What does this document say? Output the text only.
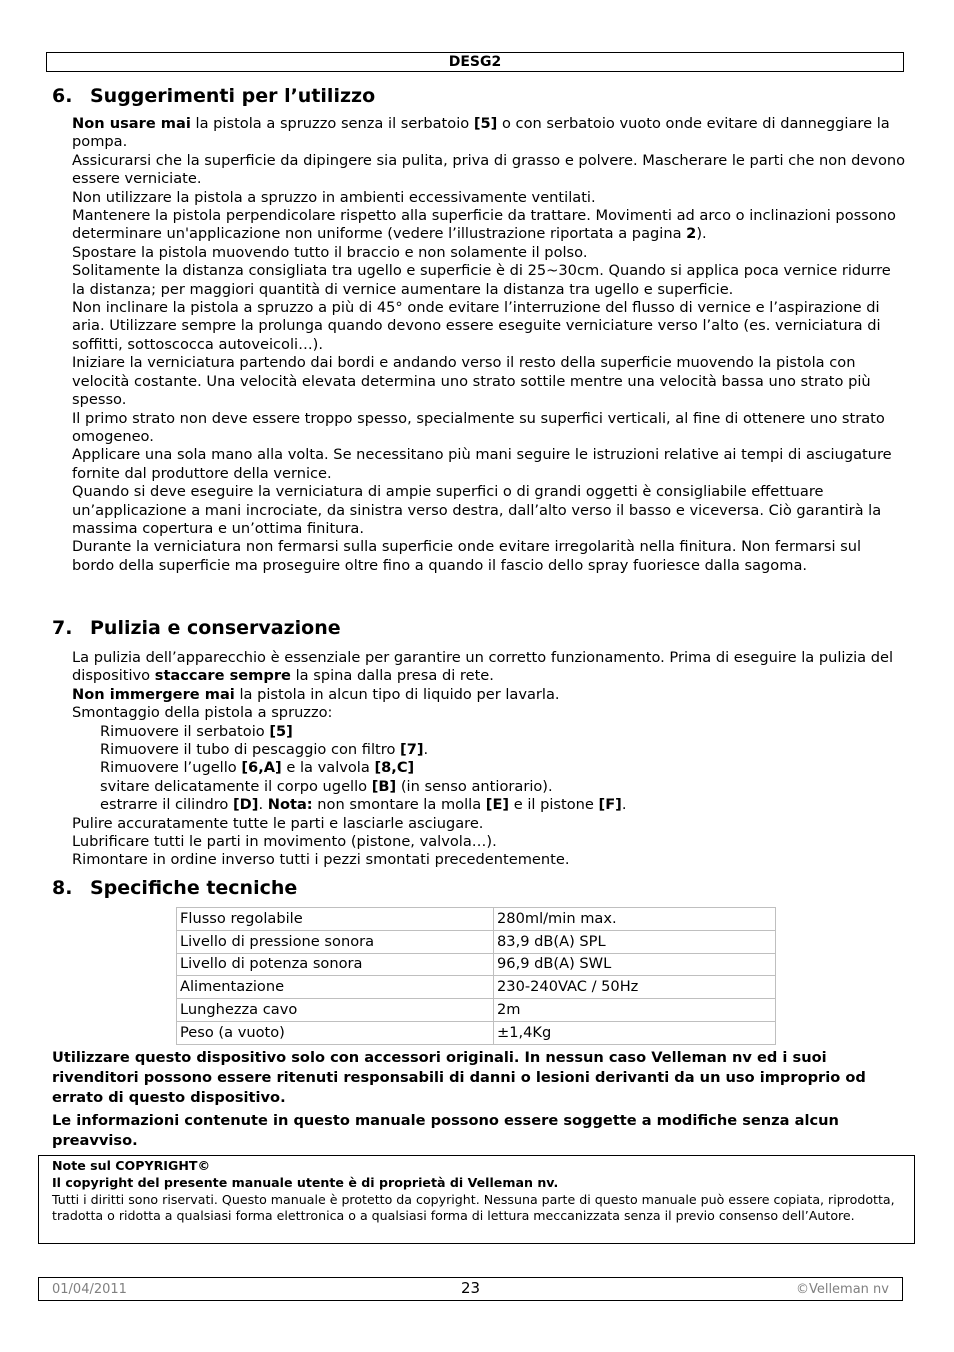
DESG2
6. Suggerimenti per l’utilizzo

Non usare mai la pistola a spruzzo senza il serbatoio [5] o con serbatoio vuoto onde evitare di danneggiare la pompa.

Assicurarsi che la superficie da dipingere sia pulita, priva di grasso e polvere. Mascherare le parti che non devono essere verniciate.

Non utilizzare la pistola a spruzzo in ambienti eccessivamente ventilati.

Mantenere la pistola perpendicolare rispetto alla superficie da trattare. Movimenti ad arco o inclinazioni possono determinare un'applicazione non uniforme (vedere l’illustrazione riportata a pagina 2).

Spostare la pistola muovendo tutto il braccio e non solamente il polso.

Solitamente la distanza consigliata tra ugello e superficie è di 25~30cm. Quando si applica poca vernice ridurre la distanza; per maggiori quantità di vernice aumentare la distanza tra ugello e superficie.

Non inclinare la pistola a spruzzo a più di 45° onde evitare l’interruzione del flusso di vernice e l’aspirazione di aria. Utilizzare sempre la prolunga quando devono essere eseguite verniciature verso l’alto (es. verniciatura di soffitti, sottoscocca autoveicoli…).

Iniziare la verniciatura partendo dai bordi e andando verso il resto della superficie muovendo la pistola con velocità costante. Una velocità elevata determina uno strato sottile mentre una velocità bassa uno strato più spesso.

Il primo strato non deve essere troppo spesso, specialmente su superfici verticali, al fine di ottenere uno strato omogeneo.

Applicare una sola mano alla volta. Se necessitano più mani seguire le istruzioni relative ai tempi di asciugature fornite dal produttore della vernice.

Quando si deve eseguire la verniciatura di ampie superfici o di grandi oggetti è consigliabile effettuare un’applicazione a mani incrociate, da sinistra verso destra, dall’alto verso il basso e viceversa. Ciò garantirà la massima copertura e un’ottima finitura.

Durante la verniciatura non fermarsi sulla superficie onde evitare irregolarità nella finitura. Non fermarsi sul bordo della superficie ma proseguire oltre fino a quando il fascio dello spray fuoriesce dalla sagoma.

7. Pulizia e conservazione

La pulizia dell’apparecchio è essenziale per garantire un corretto funzionamento. Prima di eseguire la pulizia del dispositivo staccare sempre la spina dalla presa di rete.

Non immergere mai la pistola in alcun tipo di liquido per lavarla.

Smontaggio della pistola a spruzzo:

Rimuovere il serbatoio [5]

Rimuovere il tubo di pescaggio con filtro [7].

Rimuovere l’ugello [6,A] e la valvola [8,C]

svitare delicatamente il corpo ugello [B] (in senso antiorario).

estrarre il cilindro [D]. Nota: non smontare la molla [E] e il pistone [F].

Pulire accuratamente tutte le parti e lasciarle asciugare.

Lubrificare tutti le parti in movimento (pistone, valvola…).

Rimontare in ordine inverso tutti i pezzi smontati precedentemente.

8. Specifiche tecniche
Flusso regolabile	280ml/min max.
Livello di pressione sonora	83,9 dB(A) SPL
Livello di potenza sonora	96,9 dB(A) SWL
Alimentazione	230-240VAC / 50Hz
Lunghezza cavo	2m
Peso (a vuoto)	±1,4Kg
Utilizzare questo dispositivo solo con accessori originali. In nessun caso Velleman nv ed i suoi rivenditori possono essere ritenuti responsabili di danni o lesioni derivanti da un uso improprio od errato di questo dispositivo.
Le informazioni contenute in questo manuale possono essere soggette a modifiche senza alcun preavviso.

Note sul COPYRIGHT©

Il copyright del presente manuale utente è di proprietà di Velleman nv.

Tutti i diritti sono riservati. Questo manuale è protetto da copyright. Nessuna parte di questo manuale può essere copiata, riprodotta, tradotta o ridotta a qualsiasi forma elettronica o a qualsiasi forma di lettura meccanizzata senza il previo consenso dell’Autore.

01/04/2011	23	©Velleman nv
